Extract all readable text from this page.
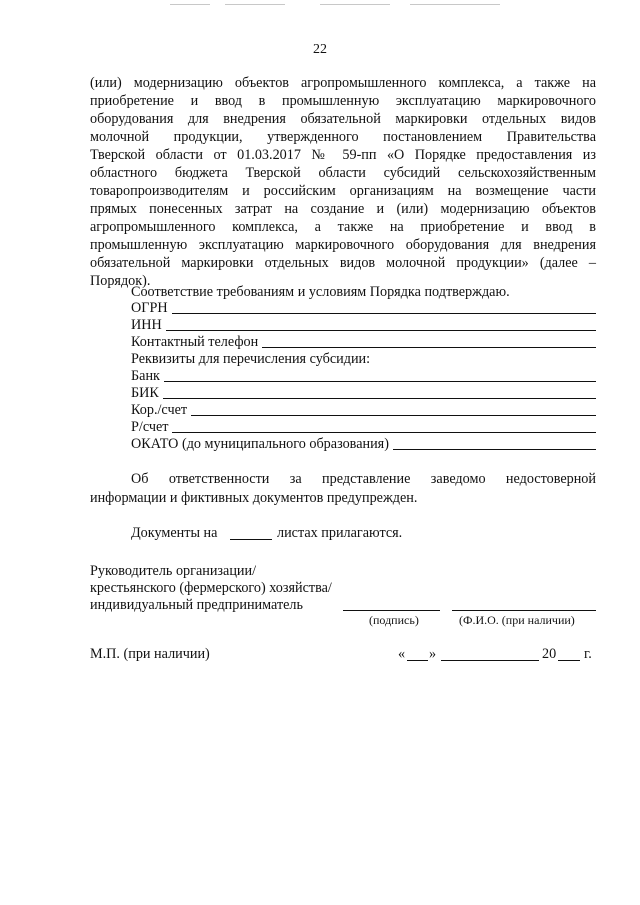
22
(или) модернизацию объектов агропромышленного комплекса, а также на
приобретение и ввод в промышленную эксплуатацию маркировочного
оборудования для внедрения обязательной маркировки отдельных видов
молочной продукции, утвержденного постановлением Правительства
Тверской области от 01.03.2017 № 59-пп «О Порядке предоставления из
областного бюджета Тверской области субсидий сельскохозяйственным
товаропроизводителям и российским организациям на возмещение части
прямых понесенных затрат на создание и (или) модернизацию объектов
агропромышленного комплекса, а также на приобретение и ввод в
промышленную эксплуатацию маркировочного оборудования для внедрения
обязательной маркировки отдельных видов молочной продукции» (далее –
Порядок).
Соответствие требованиям и условиям Порядка подтверждаю.
ОГРН
ИНН
Контактный телефон
Реквизиты для перечисления субсидии:
Банк
БИК
Кор./счет
Р/счет
ОКАТО (до муниципального образования)
Об ответственности за представление заведомо недостоверной
информации и фиктивных документов предупрежден.
Документы на	листах прилагаются.
Руководитель организации/
крестьянского (фермерского) хозяйства/
индивидуальный предприниматель
(подпись)	(Ф.И.О. (при наличии)
М.П. (при наличии)	« »	20 г.
